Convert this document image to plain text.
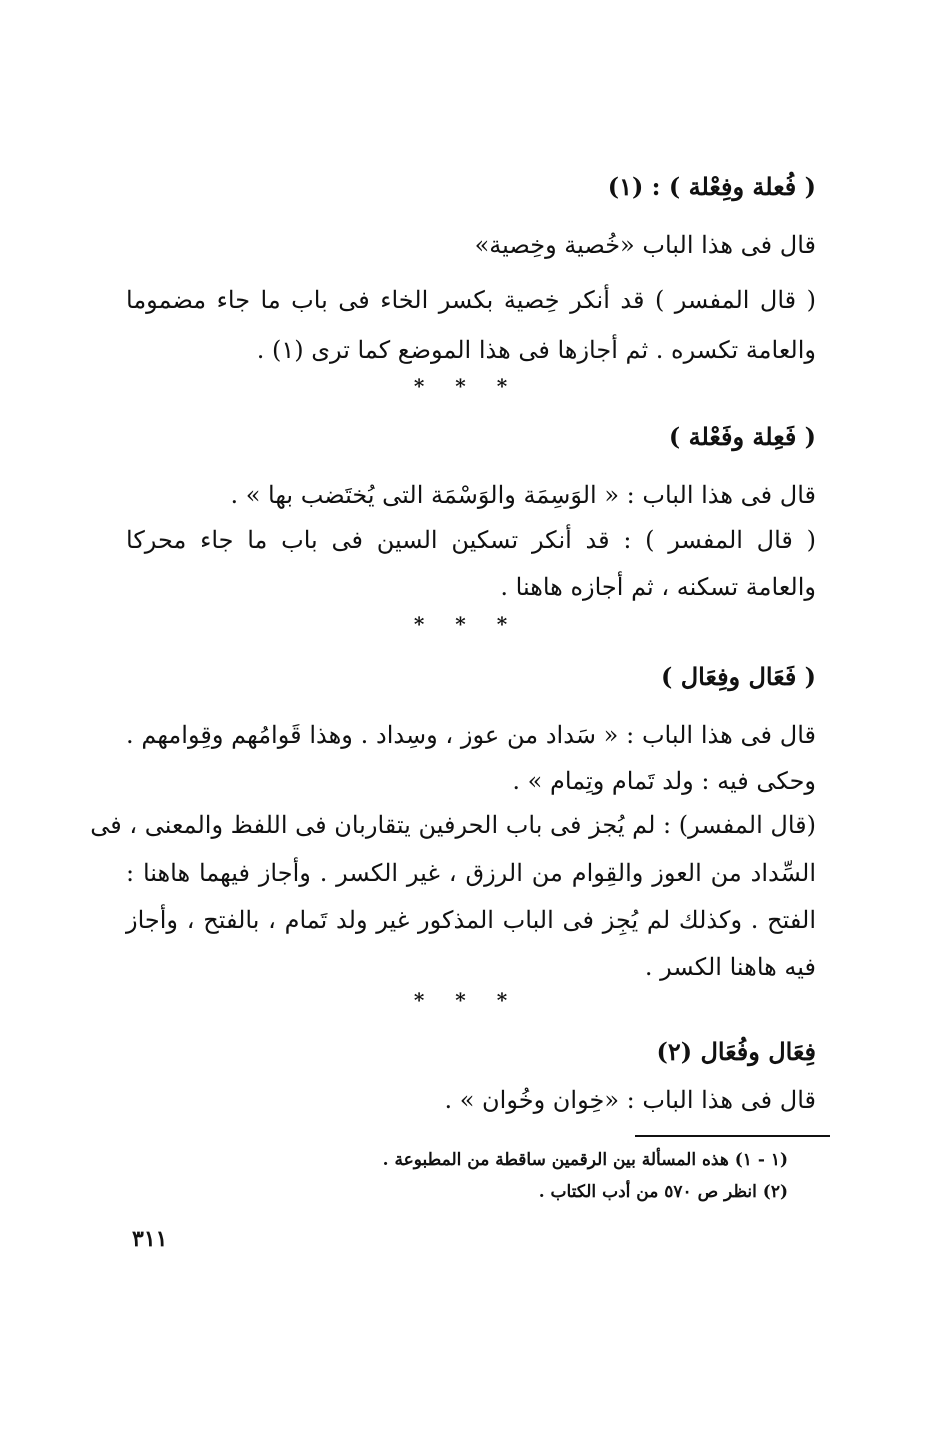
( فُعلة وفِعْلة ) : (١)
قال فى هذا الباب «خُصية وخِصية»
( قال المفسر ) قد أنكر خِصية بكسر الخاء فى باب ما جاء مضموما
والعامة تكسره . ثم أجازها فى هذا الموضع كما ترى (١) .
* * *
( فَعِلة وفَعْلة )
قال فى هذا الباب : « الوَسِمَة والوَسْمَة التى يُختَضب بها » .
( قال المفسر ) : قد أنكر تسكين السين فى باب ما جاء محركا
والعامة تسكنه ، ثم أجازه هاهنا .
* * *
( فَعَال وفِعَال )
قال فى هذا الباب : « سَداد من عوز ، وسِداد . وهذا قَوامُهم وقِوامهم .
وحكى فيه : ولد تَمام وتِمام » .
(قال المفسر) : لم يُجز فى باب الحرفين يتقاربان فى اللفظ والمعنى ، فى
السِّداد من العوز والقِوام من الرزق ، غير الكسر . وأجاز فيهما هاهنا :
الفتح . وكذلك لم يُجِز فى الباب المذكور غير ولد تَمام ، بالفتح ، وأجاز
فيه هاهنا الكسر .
* * *
فِعَال وفُعَال (٢)
قال فى هذا الباب : «خِوان وخُوان » .
(١ - ١) هذه المسألة بين الرقمين ساقطة من المطبوعة .
(٢) انظر ص ٥٧٠ من أدب الكتاب .
٣١١
